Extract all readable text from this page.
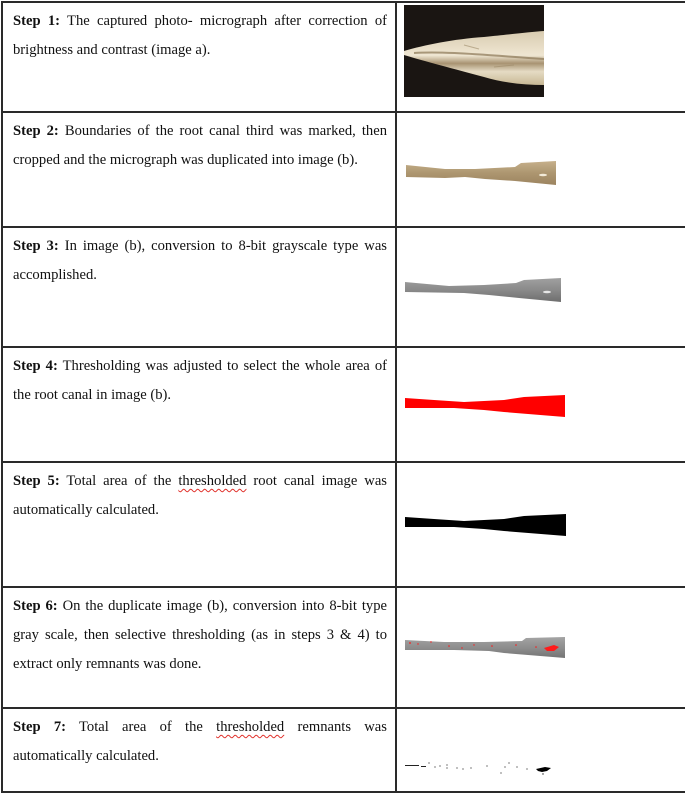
Step 1: The captured photo- micrograph after correction of brightness and contrast (image a).	

Step 2: Boundaries of the root canal third was marked, then cropped and the micrograph was duplicated into image (b).	

Step 3: In image (b), conversion to 8-bit grayscale type was accomplished.	

Step 4: Thresholding was adjusted to select the whole area of the root canal in image (b).	

Step 5: Total area of the thresholded root canal image was automatically calculated.	

Step 6: On the duplicate image (b), conversion into 8-bit type gray scale, then selective thresholding (as in steps 3 & 4) to extract only remnants was done.	

Step 7: Total area of the thresholded remnants was automatically calculated.	
